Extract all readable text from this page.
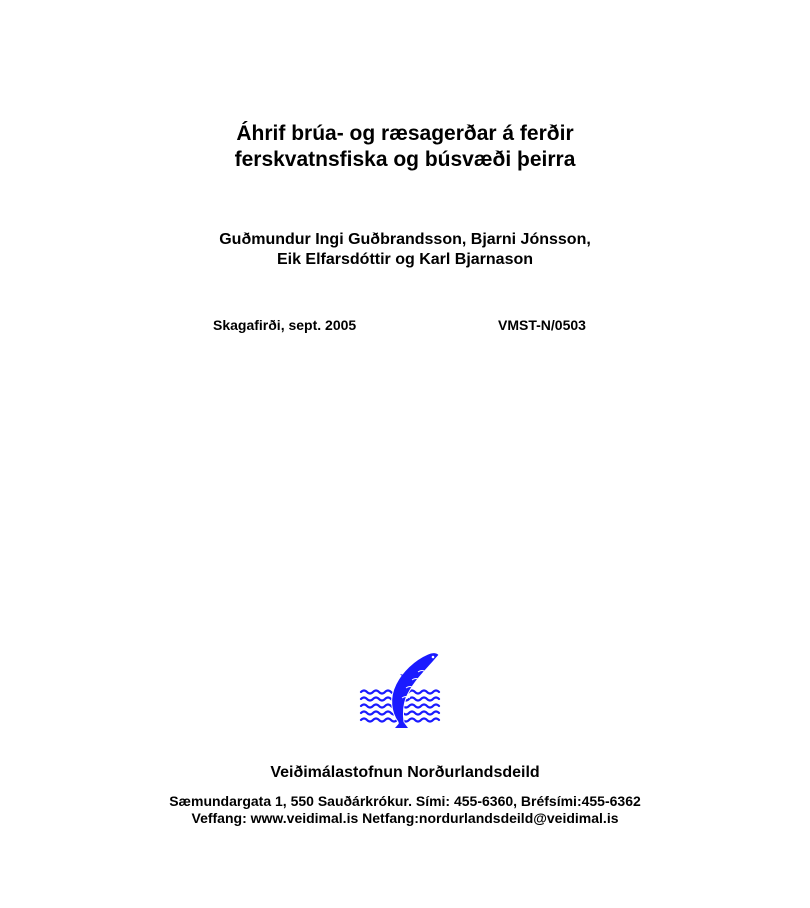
Áhrif brúa- og ræsagerðar á ferðir
ferskvatnsfiska og búsvæði þeirra
Guðmundur Ingi Guðbrandsson, Bjarni Jónsson,
Eik Elfarsdóttir og Karl Bjarnason
Skagafirði, sept. 2005	VMST-N/0503
Veiðimálastofnun Norðurlandsdeild
Sæmundargata 1, 550 Sauðárkrókur. Sími: 455-6360, Bréfsími:455-6362
Veffang: www.veidimal.is Netfang:nordurlandsdeild@veidimal.is
